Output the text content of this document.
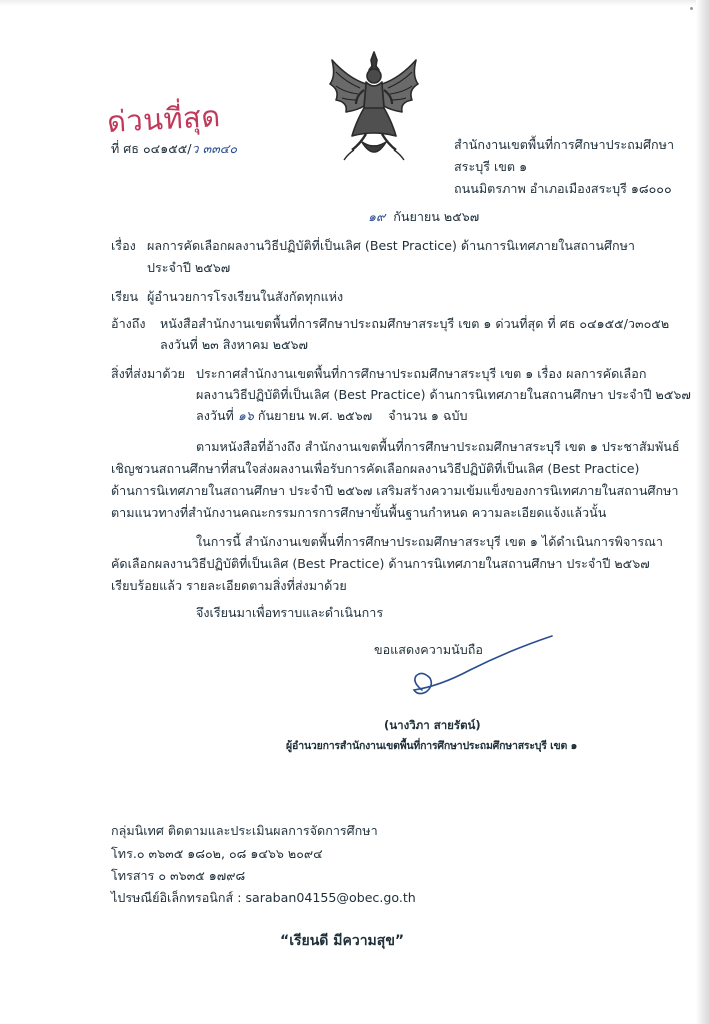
ด่วนที่สุด
ที่ ศธ ๐๔๑๕๕/ว ๓๓๔๐	สำนักงานเขตพื้นที่การศึกษาประถมศึกษา
สระบุรี เขต ๑
ถนนมิตรภาพ อำเภอเมืองสระบุรี ๑๘๐๐๐
๑๙ กันยายน ๒๕๖๗
เรื่อง ผลการคัดเลือกผลงานวิธีปฏิบัติที่เป็นเลิศ (Best Practice) ด้านการนิเทศภายในสถานศึกษา
ประจำปี ๒๕๖๗
เรียน ผู้อำนวยการโรงเรียนในสังกัดทุกแห่ง
อ้างถึง หนังสือสำนักงานเขตพื้นที่การศึกษาประถมศึกษาสระบุรี เขต ๑ ด่วนที่สุด ที่ ศธ ๐๔๑๕๕/ว๓๐๕๒
ลงวันที่ ๒๓ สิงหาคม ๒๕๖๗
สิ่งที่ส่งมาด้วย ประกาศสำนักงานเขตพื้นที่การศึกษาประถมศึกษาสระบุรี เขต ๑ เรื่อง ผลการคัดเลือก
ผลงานวิธีปฏิบัติที่เป็นเลิศ (Best Practice) ด้านการนิเทศภายในสถานศึกษา ประจำปี ๒๕๖๗
ลงวันที่ ๑๖ กันยายน พ.ศ. ๒๕๖๗ จำนวน ๑ ฉบับ
ตามหนังสือที่อ้างถึง สำนักงานเขตพื้นที่การศึกษาประถมศึกษาสระบุรี เขต ๑ ประชาสัมพันธ์
เชิญชวนสถานศึกษาที่สนใจส่งผลงานเพื่อรับการคัดเลือกผลงานวิธีปฏิบัติที่เป็นเลิศ (Best Practice)
ด้านการนิเทศภายในสถานศึกษา ประจำปี ๒๕๖๗ เสริมสร้างความเข้มแข็งของการนิเทศภายในสถานศึกษา
ตามแนวทางที่สำนักงานคณะกรรมการการศึกษาขั้นพื้นฐานกำหนด ความละเอียดแจ้งแล้วนั้น
ในการนี้ สำนักงานเขตพื้นที่การศึกษาประถมศึกษาสระบุรี เขต ๑ ได้ดำเนินการพิจารณา
คัดเลือกผลงานวิธีปฏิบัติที่เป็นเลิศ (Best Practice) ด้านการนิเทศภายในสถานศึกษา ประจำปี ๒๕๖๗
เรียบร้อยแล้ว รายละเอียดตามสิ่งที่ส่งมาด้วย
จึงเรียนมาเพื่อทราบและดำเนินการ
ขอแสดงความนับถือ
(นางวิภา สายรัตน์)
ผู้อำนวยการสำนักงานเขตพื้นที่การศึกษาประถมศึกษาสระบุรี เขต ๑
กลุ่มนิเทศ ติดตามและประเมินผลการจัดการศึกษา
โทร.๐ ๓๖๓๕ ๑๘๐๒, ๐๘ ๑๔๖๖ ๒๐๙๔
โทรสาร ๐ ๓๖๓๕ ๑๗๙๘
ไปรษณีย์อิเล็กทรอนิกส์ : saraban04155@obec.go.th
“เรียนดี มีความสุข”
